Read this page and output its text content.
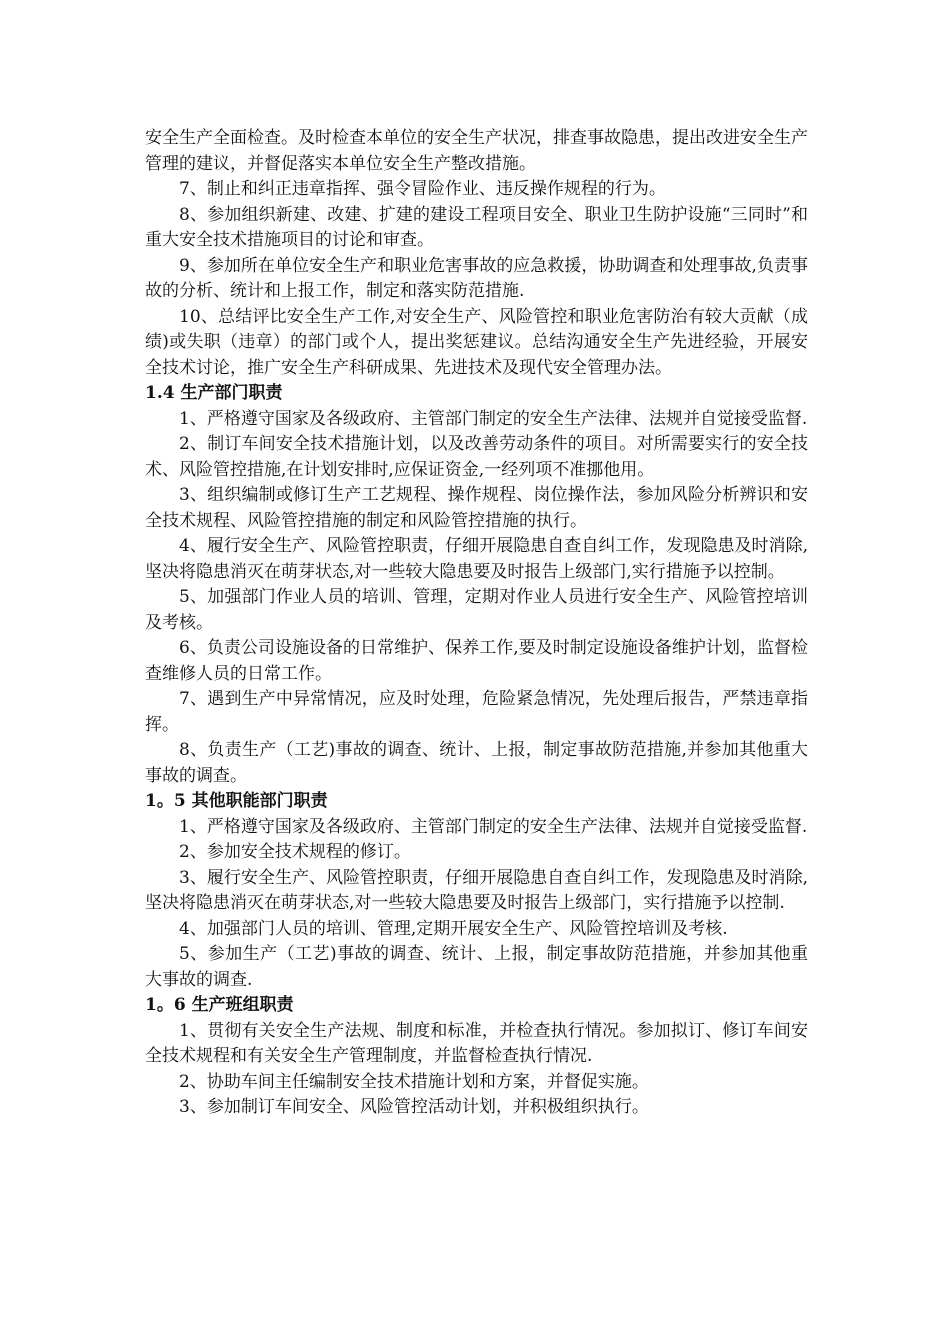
安全生产全面检查。及时检查本单位的安全生产状况，排查事故隐患，提出改进安全生产管理的建议，并督促落实本单位安全生产整改措施。

7、制止和纠正违章指挥、强令冒险作业、违反操作规程的行为。

8、参加组织新建、改建、扩建的建设工程项目安全、职业卫生防护设施“三同时”和重大安全技术措施项目的讨论和审查。

9、参加所在单位安全生产和职业危害事故的应急救援，协助调查和处理事故,负责事故的分析、统计和上报工作，制定和落实防范措施.

10、总结评比安全生产工作,对安全生产、风险管控和职业危害防治有较大贡献（成绩)或失职（违章）的部门或个人，提出奖惩建议。总结沟通安全生产先进经验，开展安全技术讨论，推广安全生产科研成果、先进技术及现代安全管理办法。

1.4 生产部门职责

1、严格遵守国家及各级政府、主管部门制定的安全生产法律、法规并自觉接受监督.

2、制订车间安全技术措施计划，以及改善劳动条件的项目。对所需要实行的安全技术、风险管控措施,在计划安排时,应保证资金,一经列项不准挪他用。

3、组织编制或修订生产工艺规程、操作规程、岗位操作法，参加风险分析辨识和安全技术规程、风险管控措施的制定和风险管控措施的执行。

4、履行安全生产、风险管控职责，仔细开展隐患自查自纠工作，发现隐患及时消除,坚决将隐患消灭在萌芽状态,对一些较大隐患要及时报告上级部门,实行措施予以控制。

5、加强部门作业人员的培训、管理，定期对作业人员进行安全生产、风险管控培训及考核。

6、负责公司设施设备的日常维护、保养工作,要及时制定设施设备维护计划，监督检查维修人员的日常工作。

7、遇到生产中异常情况，应及时处理，危险紧急情况，先处理后报告，严禁违章指挥。

8、负责生产（工艺)事故的调查、统计、上报，制定事故防范措施,并参加其他重大事故的调查。

1。5 其他职能部门职责

1、严格遵守国家及各级政府、主管部门制定的安全生产法律、法规并自觉接受监督.

2、参加安全技术规程的修订。

3、履行安全生产、风险管控职责，仔细开展隐患自查自纠工作，发现隐患及时消除,坚决将隐患消灭在萌芽状态,对一些较大隐患要及时报告上级部门，实行措施予以控制.

4、加强部门人员的培训、管理,定期开展安全生产、风险管控培训及考核.

5、参加生产（工艺)事故的调查、统计、上报，制定事故防范措施，并参加其他重大事故的调查.

1。6 生产班组职责

1、贯彻有关安全生产法规、制度和标准，并检查执行情况。参加拟订、修订车间安全技术规程和有关安全生产管理制度，并监督检查执行情况.

2、协助车间主任编制安全技术措施计划和方案，并督促实施。

3、参加制订车间安全、风险管控活动计划，并积极组织执行。
